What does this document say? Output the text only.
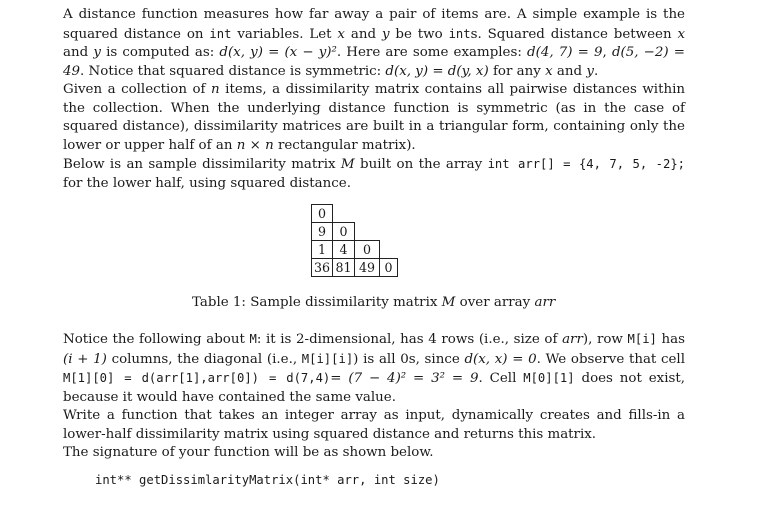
A distance function measures how far away a pair of items are. A simple example is the squared distance on int variables. Let x and y be two ints. Squared distance between x and y is computed as: d(x, y) = (x − y)². Here are some examples: d(4, 7) = 9, d(5, −2) = 49. Notice that squared distance is symmetric: d(x, y) = d(y, x) for any x and y.

Given a collection of n items, a dissimilarity matrix contains all pairwise distances within the collection. When the underlying distance function is symmetric (as in the case of squared distance), dissimilarity matrices are built in a triangular form, containing only the lower or upper half of an n × n rectangular matrix).

Below is an sample dissimilarity matrix M built on the array int arr[] = {4, 7, 5, -2}; for the lower half, using squared distance.

0			
9	0		
1	4	0	
36	81	49	0

Table 1: Sample dissimilarity matrix M over array arr

Notice the following about M: it is 2-dimensional, has 4 rows (i.e., size of arr), row M[i] has (i + 1) columns, the diagonal (i.e., M[i][i]) is all 0s, since d(x, x) = 0. We observe that cell M[1][0] = d(arr[1],arr[0]) = d(7,4)= (7 − 4)² = 3² = 9. Cell M[0][1] does not exist, because it would have contained the same value.

Write a function that takes an integer array as input, dynamically creates and fills-in a lower-half dissimilarity matrix using squared distance and returns this matrix.

The signature of your function will be as shown below.

int** getDissimlarityMatrix(int* arr, int size)
